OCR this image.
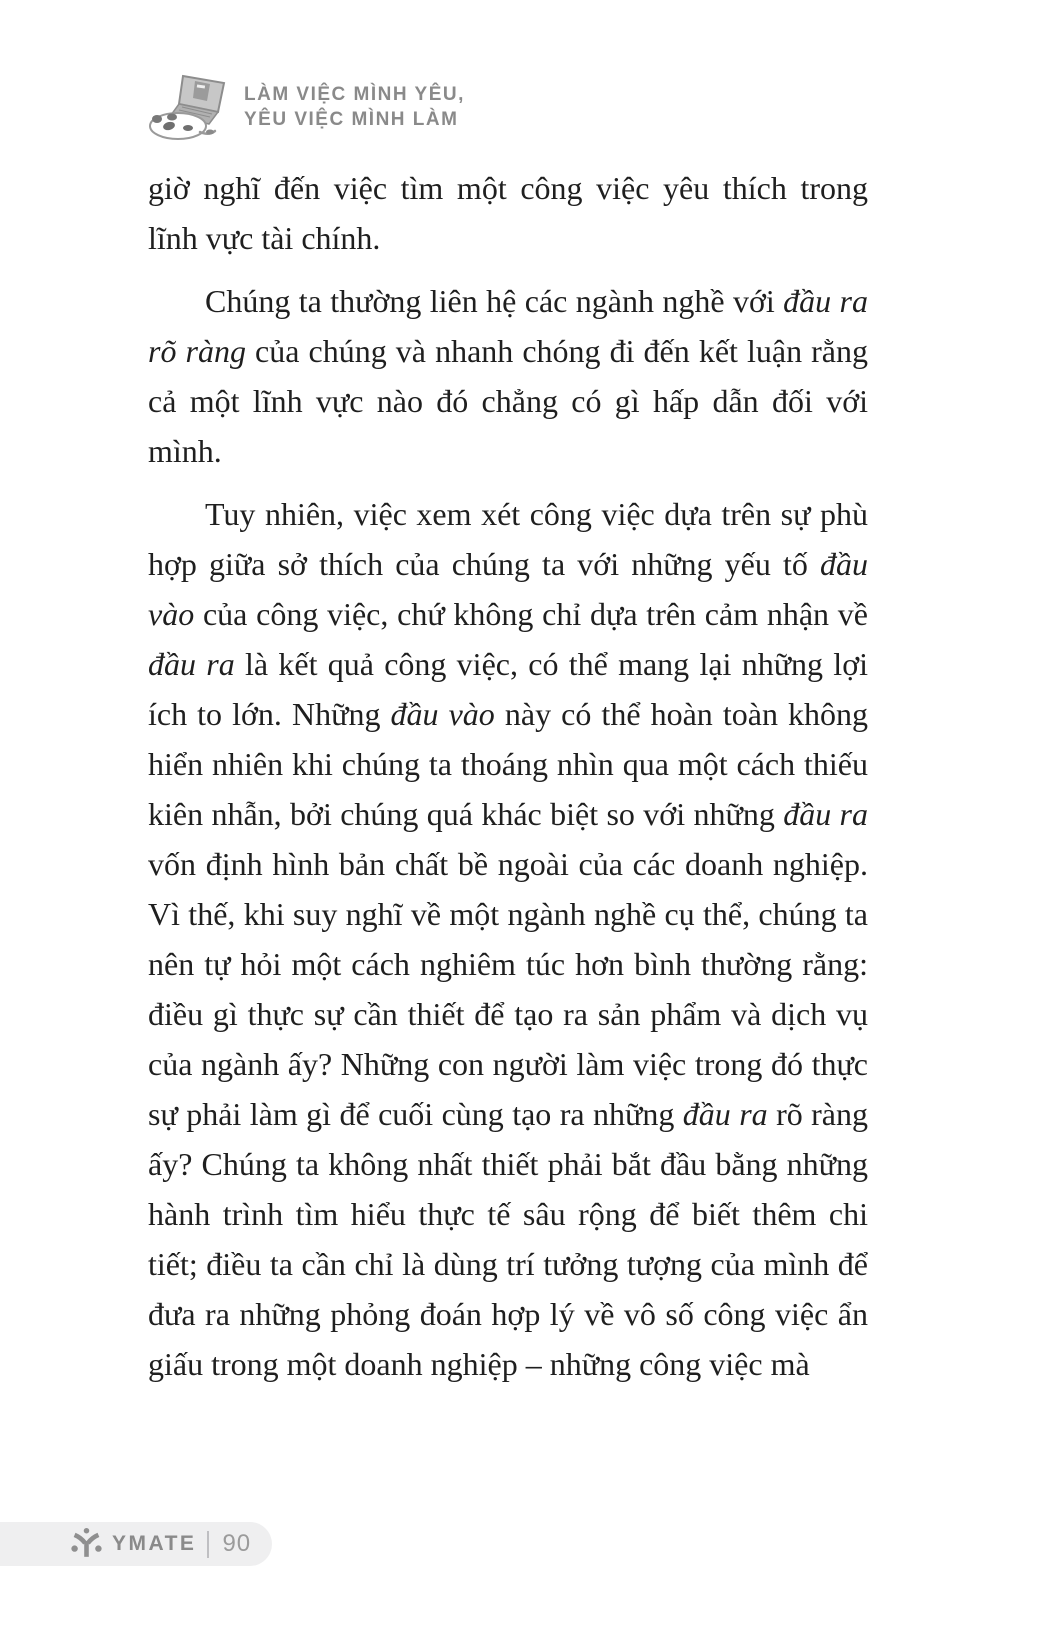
LÀM VIỆC MÌNH YÊU,
YÊU VIỆC MÌNH LÀM

giờ nghĩ đến việc tìm một công việc yêu thích trong lĩnh vực tài chính.

Chúng ta thường liên hệ các ngành nghề với đầu ra rõ ràng của chúng và nhanh chóng đi đến kết luận rằng cả một lĩnh vực nào đó chẳng có gì hấp dẫn đối với mình.

Tuy nhiên, việc xem xét công việc dựa trên sự phù hợp giữa sở thích của chúng ta với những yếu tố đầu vào của công việc, chứ không chỉ dựa trên cảm nhận về đầu ra là kết quả công việc, có thể mang lại những lợi ích to lớn. Những đầu vào này có thể hoàn toàn không hiển nhiên khi chúng ta thoáng nhìn qua một cách thiếu kiên nhẫn, bởi chúng quá khác biệt so với những đầu ra vốn định hình bản chất bề ngoài của các doanh nghiệp. Vì thế, khi suy nghĩ về một ngành nghề cụ thể, chúng ta nên tự hỏi một cách nghiêm túc hơn bình thường rằng: điều gì thực sự cần thiết để tạo ra sản phẩm và dịch vụ của ngành ấy? Những con người làm việc trong đó thực sự phải làm gì để cuối cùng tạo ra những đầu ra rõ ràng ấy? Chúng ta không nhất thiết phải bắt đầu bằng những hành trình tìm hiểu thực tế sâu rộng để biết thêm chi tiết; điều ta cần chỉ là dùng trí tưởng tượng của mình để đưa ra những phỏng đoán hợp lý về vô số công việc ẩn giấu trong một doanh nghiệp – những công việc mà

YMATE 90
